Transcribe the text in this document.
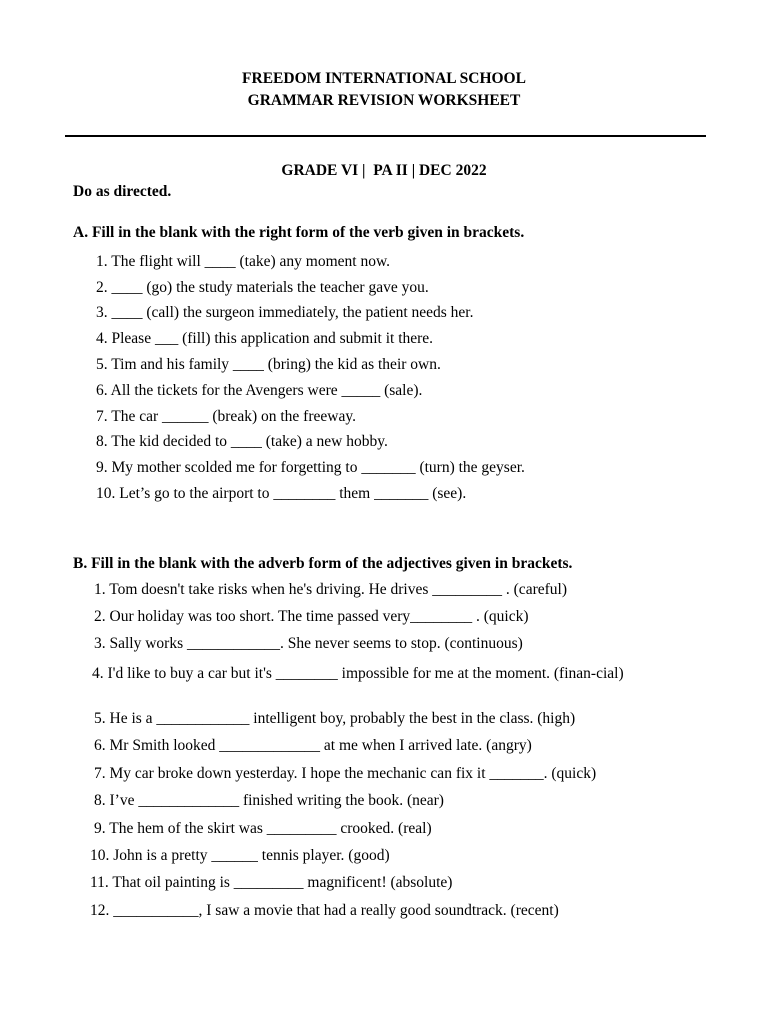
FREEDOM INTERNATIONAL SCHOOL
GRAMMAR REVISION WORKSHEET
GRADE VI |  PA II | DEC 2022
Do as directed.
A. Fill in the blank with the right form of the verb given in brackets.
1. The flight will ____ (take) any moment now.
2. ____ (go) the study materials the teacher gave you.
3. ____ (call) the surgeon immediately, the patient needs her.
4. Please ___ (fill) this application and submit it there.
5. Tim and his family ____ (bring) the kid as their own.
6. All the tickets for the Avengers were _____ (sale).
7. The car ______ (break) on the freeway.
8. The kid decided to ____ (take) a new hobby.
9. My mother scolded me for forgetting to _______ (turn) the geyser.
10. Let’s go to the airport to ________ them _______ (see).
B. Fill in the blank with the adverb form of the adjectives given in brackets.
1. Tom doesn't take risks when he's driving. He drives _________ . (careful)
2. Our holiday was too short. The time passed very________ . (quick)
3. Sally works ____________. She never seems to stop. (continuous)
4. I'd like to buy a car but it's ________ impossible for me at the moment. (finan-cial)
5. He is a ____________ intelligent boy, probably the best in the class. (high)
6. Mr Smith looked _____________ at me when I arrived late. (angry)
7. My car broke down yesterday. I hope the mechanic can fix it _______. (quick)
8. I’ve _____________ finished writing the book. (near)
9. The hem of the skirt was _________ crooked. (real)
10. John is a pretty ______ tennis player. (good)
11. That oil painting is _________ magnificent! (absolute)
12. ___________, I saw a movie that had a really good soundtrack. (recent)
